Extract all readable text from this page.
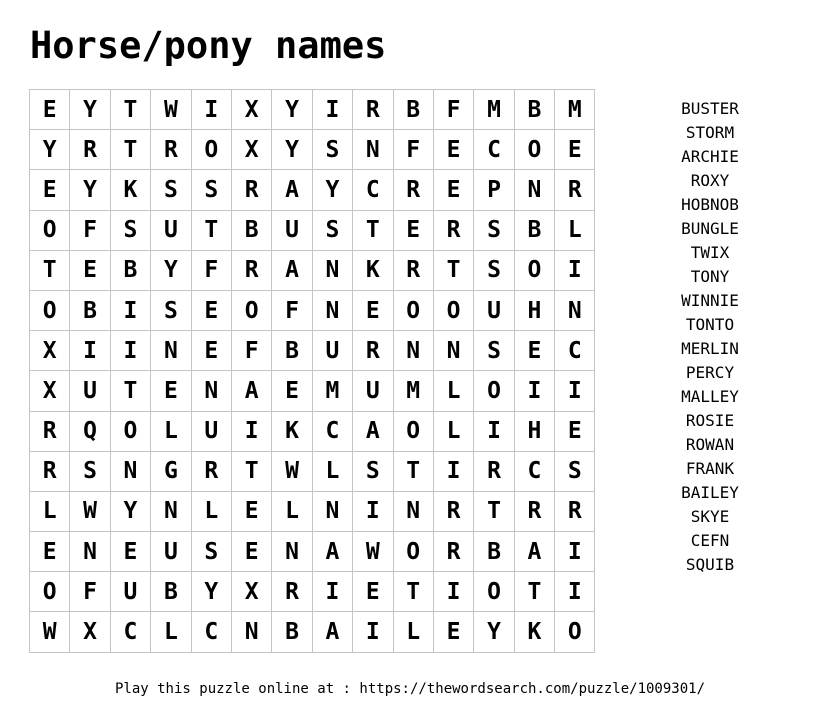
Horse/pony names
E	Y	T	W	I	X	Y	I	R	B	F	M	B	M
Y	R	T	R	O	X	Y	S	N	F	E	C	O	E
E	Y	K	S	S	R	A	Y	C	R	E	P	N	R
O	F	S	U	T	B	U	S	T	E	R	S	B	L
T	E	B	Y	F	R	A	N	K	R	T	S	O	I
O	B	I	S	E	O	F	N	E	O	O	U	H	N
X	I	I	N	E	F	B	U	R	N	N	S	E	C
X	U	T	E	N	A	E	M	U	M	L	O	I	I
R	Q	O	L	U	I	K	C	A	O	L	I	H	E
R	S	N	G	R	T	W	L	S	T	I	R	C	S
L	W	Y	N	L	E	L	N	I	N	R	T	R	R
E	N	E	U	S	E	N	A	W	O	R	B	A	I
O	F	U	B	Y	X	R	I	E	T	I	O	T	I
W	X	C	L	C	N	B	A	I	L	E	Y	K	O
BUSTER
STORM
ARCHIE
ROXY
HOBNOB
BUNGLE
TWIX
TONY
WINNIE
TONTO
MERLIN
PERCY
MALLEY
ROSIE
ROWAN
FRANK
BAILEY
SKYE
CEFN
SQUIB
Play this puzzle online at : https://thewordsearch.com/puzzle/1009301/
